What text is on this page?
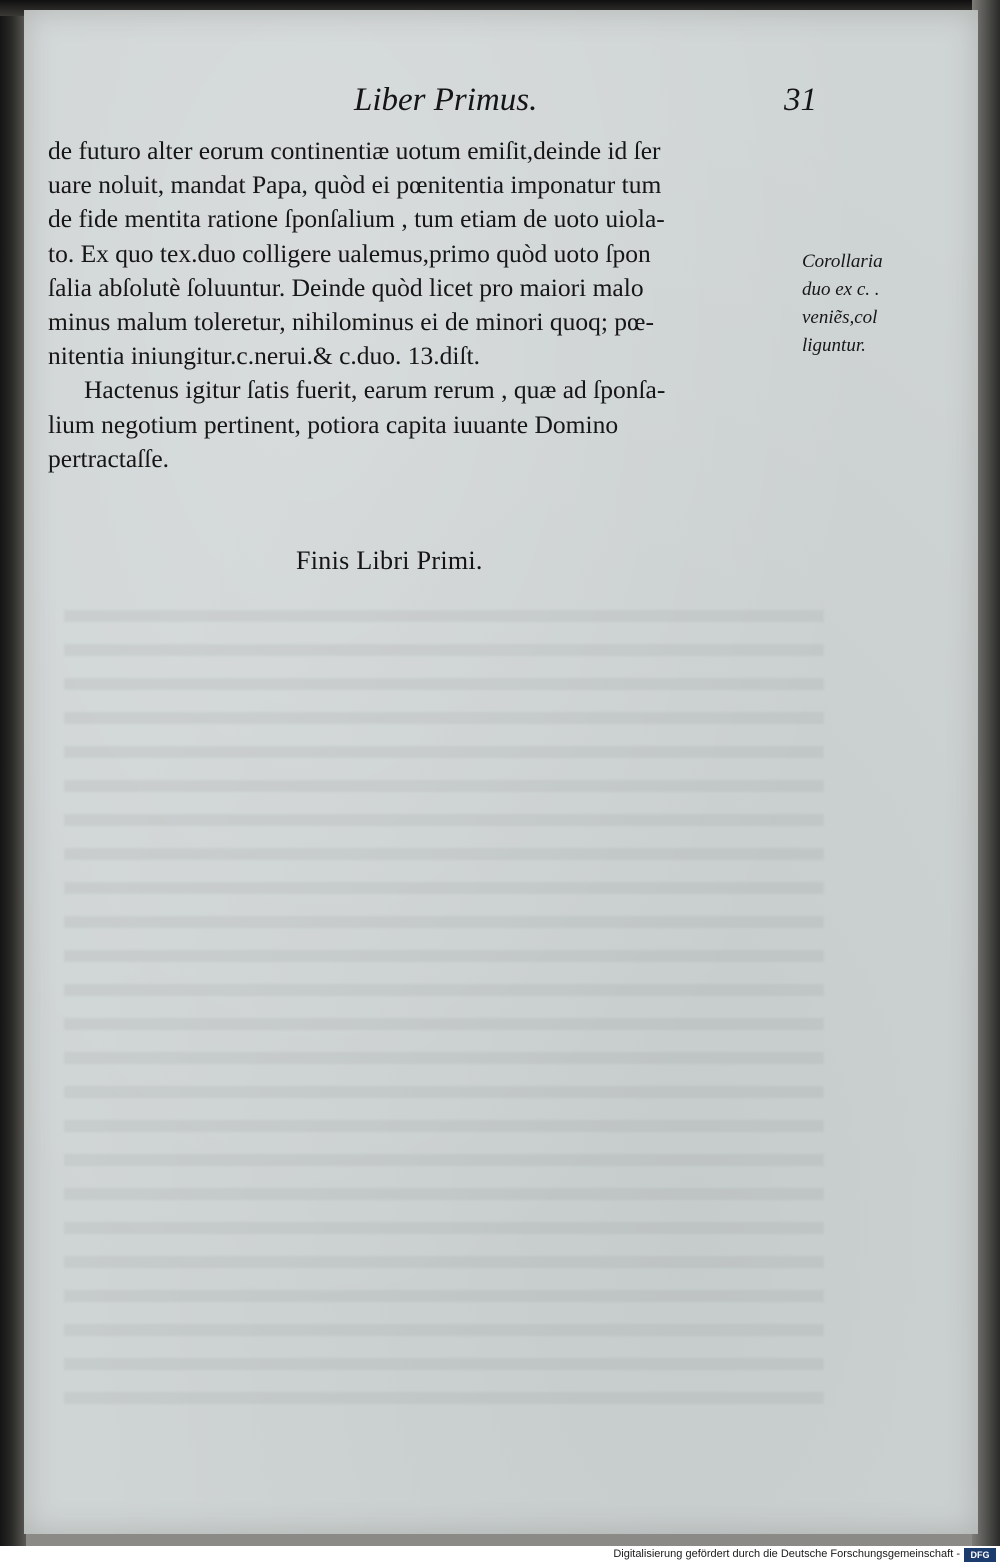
Liber Primus.	31
de futuro alter eorum continentiæ uotum emiſit,deinde id ſer
uare noluit, mandat Papa, quòd ei pœnitentia imponatur tum
de fide mentita ratione ſponſalium , tum etiam de uoto uiola-
to. Ex quo tex.duo colligere ualemus,primo quòd uoto ſpon
ſalia abſolutè ſoluuntur. Deinde quòd licet pro maiori malo
minus malum toleretur, nihilominus ei de minori quoq; pœ-
nitentia iniungitur.c.nerui.& c.duo. 13.diſt.
Hactenus igitur ſatis fuerit, earum rerum , quæ ad ſponſa-
lium negotium pertinent, potiora capita iuuante Domino
pertractaſſe.
Corollaria
duo ex c. .
veniẽs,col
liguntur.
Finis Libri Primi.
Digitalisierung gefördert durch die Deutsche Forschungsgemeinschaft -	DFG
